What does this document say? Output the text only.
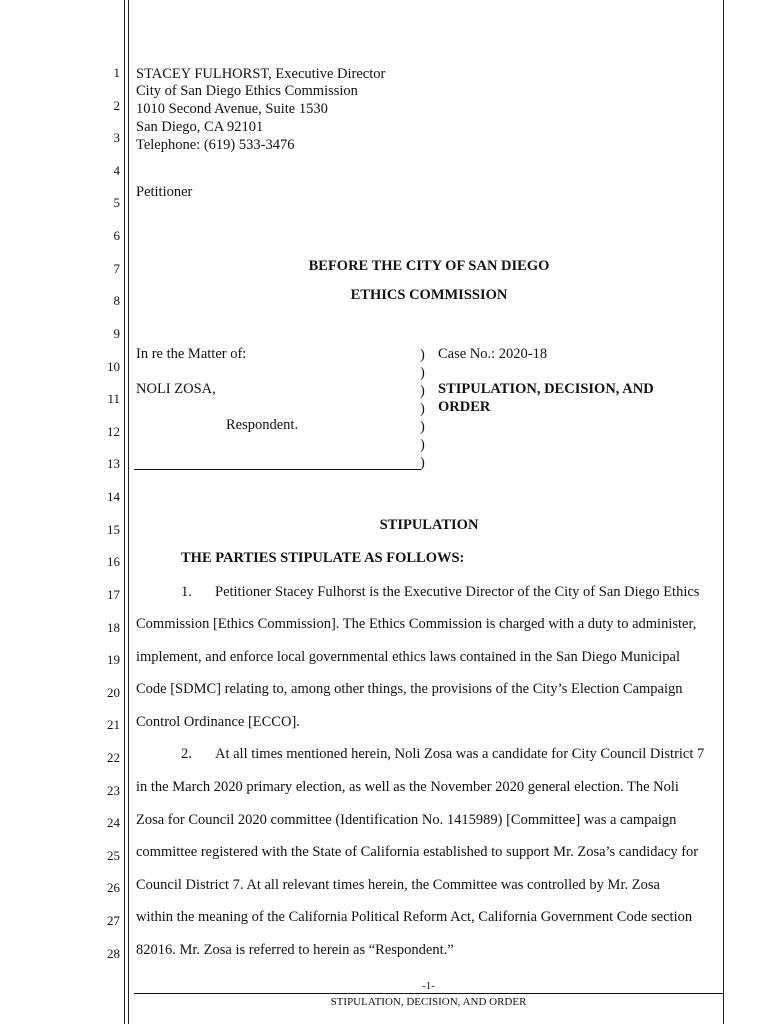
1
2
3
4
5
6
7
8
9
10
11
12
13
14
15
16
17
18
19
20
21
22
23
24
25
26
27
28
STACEY FULHORST, Executive Director
City of San Diego Ethics Commission
1010 Second Avenue, Suite 1530
San Diego, CA 92101
Telephone: (619) 533-3476
Petitioner
BEFORE THE CITY OF SAN DIEGO
ETHICS COMMISSION
In re the Matter of:
NOLI ZOSA,
Respondent.
)
)
)
)
)
)
)
Case No.: 2020-18
STIPULATION, DECISION, AND
ORDER
STIPULATION
THE PARTIES STIPULATE AS FOLLOWS:
1. Petitioner Stacey Fulhorst is the Executive Director of the City of San Diego Ethics
Commission [Ethics Commission]. The Ethics Commission is charged with a duty to administer,
implement, and enforce local governmental ethics laws contained in the San Diego Municipal
Code [SDMC] relating to, among other things, the provisions of the City’s Election Campaign
Control Ordinance [ECCO].
2. At all times mentioned herein, Noli Zosa was a candidate for City Council District 7
in the March 2020 primary election, as well as the November 2020 general election. The Noli
Zosa for Council 2020 committee (Identification No. 1415989) [Committee] was a campaign
committee registered with the State of California established to support Mr. Zosa’s candidacy for
Council District 7. At all relevant times herein, the Committee was controlled by Mr. Zosa
within the meaning of the California Political Reform Act, California Government Code section
82016. Mr. Zosa is referred to herein as “Respondent.”
-1-
STIPULATION, DECISION, AND ORDER
